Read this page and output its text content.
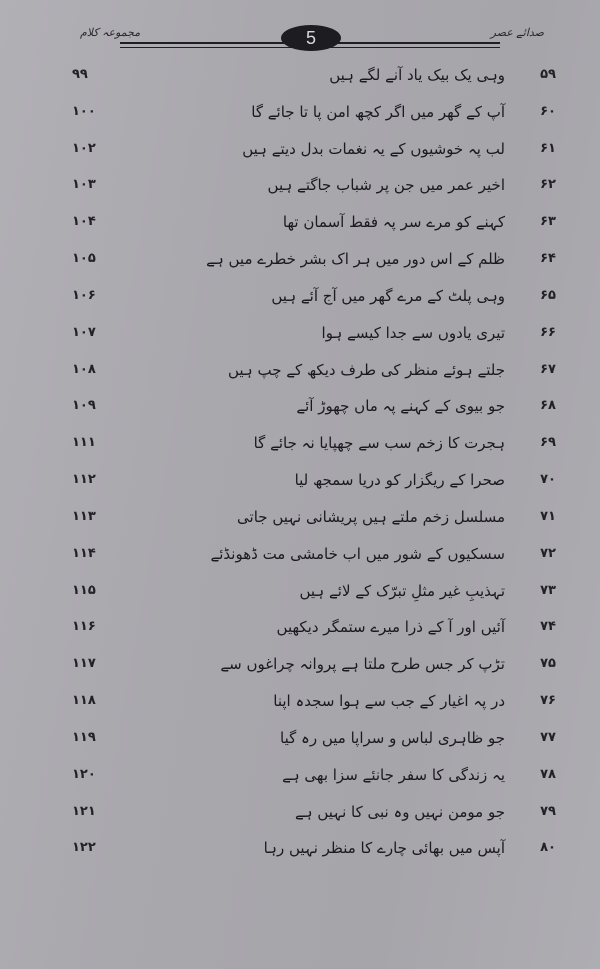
مجموعہ کلام	5	صدائے عصر
۵۹
وہی یک بیک یاد آنے لگے ہیں
۹۹
۶۰
آپ کے گھر میں اگر کچھ امن پا تا جائے گا
۱۰۰
۶۱
لب پہ خوشیوں کے یہ نغمات بدل دیتے ہیں
۱۰۲
۶۲
اخیر عمر میں جن پر شباب جاگتے ہیں
۱۰۳
۶۳
کہنے کو مرے سر پہ فقط آسمان تھا
۱۰۴
۶۴
ظلم کے اس دور میں ہر اک بشر خطرے میں ہے
۱۰۵
۶۵
وہی پلٹ کے مرے گھر میں آج آئے ہیں
۱۰۶
۶۶
تیری یادوں سے جدا کیسے ہوا
۱۰۷
۶۷
جلتے ہوئے منظر کی طرف دیکھ کے چپ ہیں
۱۰۸
۶۸
جو بیوی کے کہنے پہ ماں چھوڑ آئے
۱۰۹
۶۹
ہجرت کا زخم سب سے چھپایا نہ جائے گا
۱۱۱
۷۰
صحرا کے ریگزار کو دریا سمجھ لیا
۱۱۲
۷۱
مسلسل زخم ملتے ہیں پریشانی نہیں جاتی
۱۱۳
۷۲
سسکیوں کے شور میں اب خامشی مت ڈھونڈئے
۱۱۴
۷۳
تہذیبِ غیر مثلِ تبرّک کے لائے ہیں
۱۱۵
۷۴
آئیں اور آ کے ذرا میرے ستمگر دیکھیں
۱۱۶
۷۵
تڑپ کر جس طرح ملتا ہے پروانہ چراغوں سے
۱۱۷
۷۶
در پہ اغیار کے جب سے ہوا سجدہ اپنا
۱۱۸
۷۷
جو ظاہری لباس و سراپا میں رہ گیا
۱۱۹
۷۸
یہ زندگی کا سفر جانئے سزا بھی ہے
۱۲۰
۷۹
جو مومن نہیں وہ نبی کا نہیں ہے
۱۲۱
۸۰
آپس میں بھائی چارے کا منظر نہیں رہا
۱۲۲
